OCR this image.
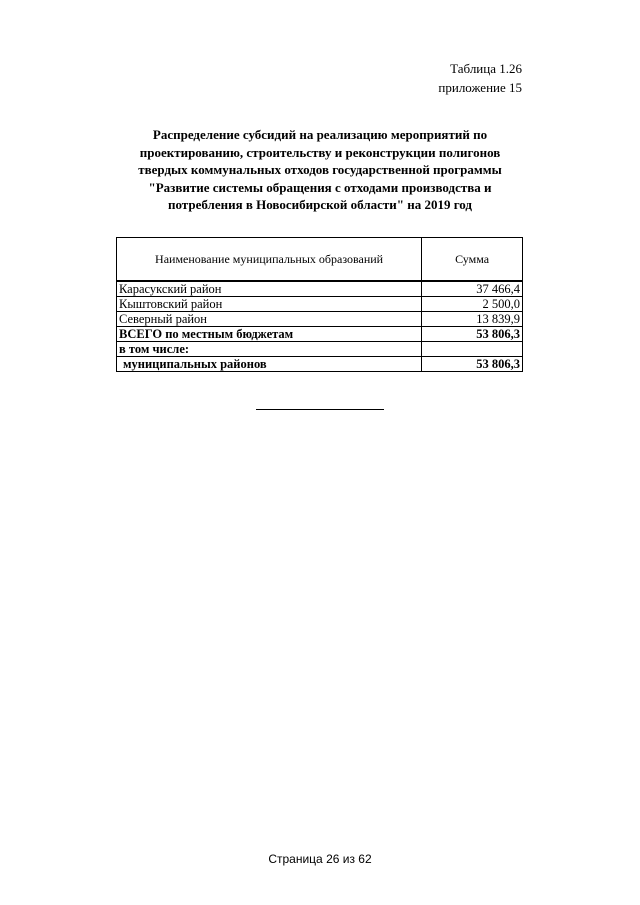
Таблица 1.26
приложение 15
Распределение субсидий на реализацию мероприятий по
проектированию, строительству и реконструкции полигонов
твердых коммунальных отходов государственной программы
"Развитие системы обращения с отходами производства и
потребления в Новосибирской области" на 2019 год
Наименование муниципальных образований	Сумма
Карасукский район	37 466,4
Кыштовский район	2 500,0
Северный район	13 839,9
ВСЕГО по местным бюджетам	53 806,3
в том числе:	
муниципальных районов	53 806,3
Страница 26 из 62
